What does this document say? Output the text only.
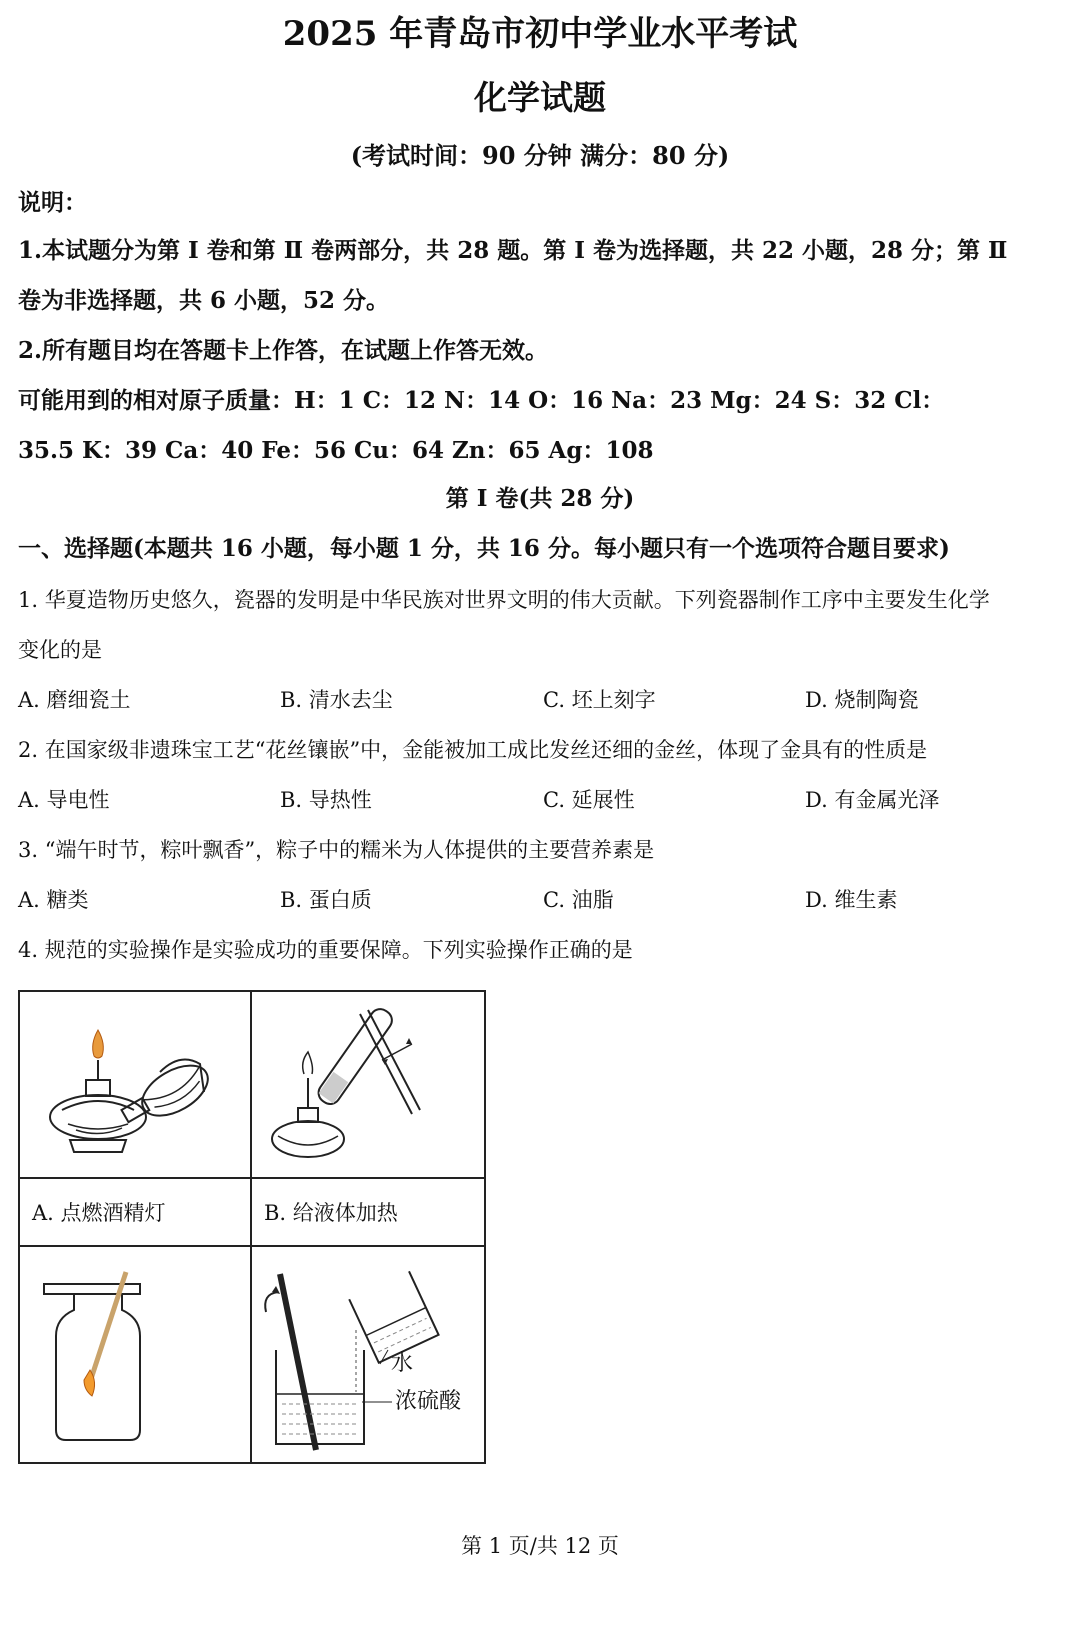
2025 年青岛市初中学业水平考试
化学试题
(考试时间：90 分钟 满分：80 分)
说明：
1.本试题分为第 Ⅰ 卷和第 Ⅱ 卷两部分，共 28 题。第 Ⅰ 卷为选择题，共 22 小题，28 分；第 Ⅱ
卷为非选择题，共 6 小题，52 分。
2.所有题目均在答题卡上作答，在试题上作答无效。
可能用到的相对原子质量：H：1 C：12 N：14 O：16 Na：23 Mg：24 S：32 Cl：
35.5 K：39 Ca：40 Fe：56 Cu：64 Zn：65 Ag：108
第 Ⅰ 卷(共 28 分)
一、选择题(本题共 16 小题，每小题 1 分，共 16 分。每小题只有一个选项符合题目要求)
1. 华夏造物历史悠久，瓷器的发明是中华民族对世界文明的伟大贡献。下列瓷器制作工序中主要发生化学
变化的是
A. 磨细瓷土	B. 清水去尘	C. 坯上刻字	D. 烧制陶瓷
2. 在国家级非遗珠宝工艺“花丝镶嵌”中，金能被加工成比发丝还细的金丝，体现了金具有的性质是
A. 导电性	B. 导热性	C. 延展性	D. 有金属光泽
3. “端午时节，粽叶飘香”，粽子中的糯米为人体提供的主要营养素是
A. 糖类	B. 蛋白质	C. 油脂	D. 维生素
4. 规范的实验操作是实验成功的重要保障。下列实验操作正确的是
A. 点燃酒精灯	B. 给液体加热
水
浓硫酸
第 1 页/共 12 页
